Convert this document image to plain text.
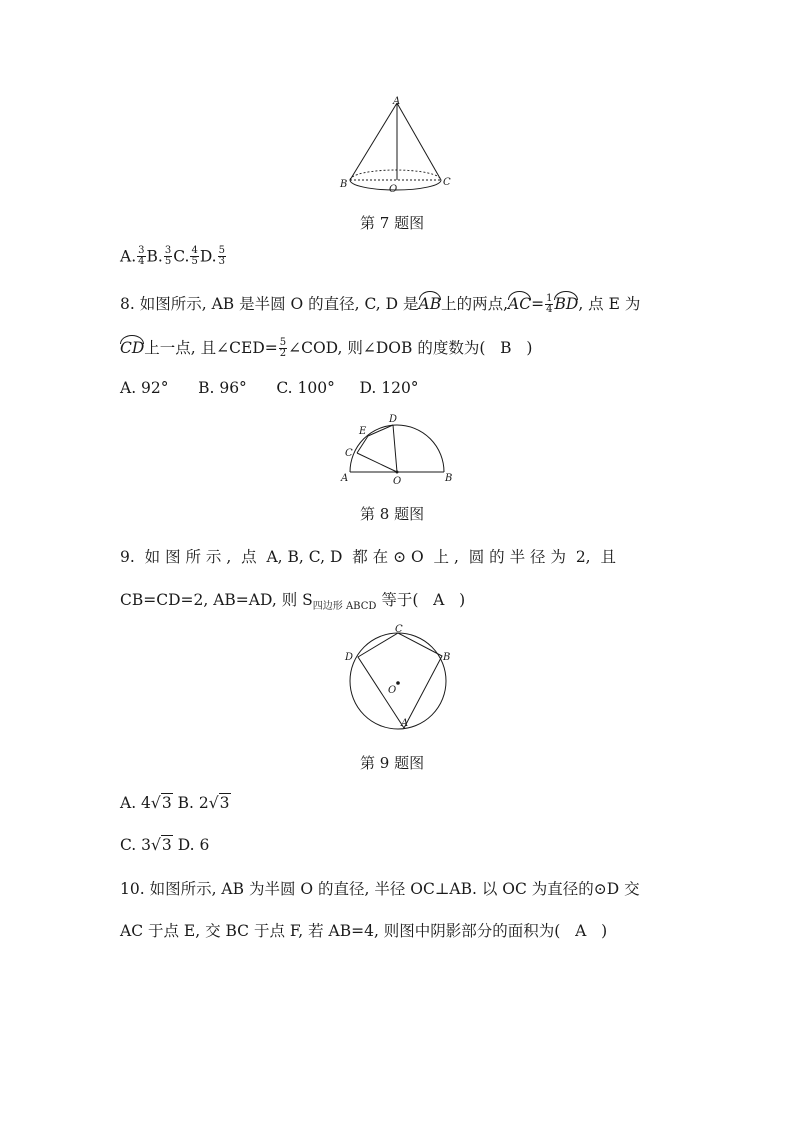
A
B	C
O
第 7 题图
A. $\frac{3}{4} B$. $\frac{3}{5} C$. $\frac{4}{5} D$. $\frac{5}{3}$
8. 如图所示, AB 是半圆 O 的直径, C, D 是AB上的两点$,AC= \frac{1}{4}$ BD, 点 E 为
CD上一点, 且∠CED= $\frac{5}{2}$ ∠COD, 则∠DOB 的度数为( B )
A. 92°      B. 96°      C. 100°     D. 120°
A	B
C
D
E
O
第 8 题图
9.  如 图 所 示 ,  点  A, B, C, D  都 在 ⊙ O  上 ,  圆 的 半 径 为  2,  且
CB=CD=2, AB=AD, 则 $S_{四边形 ABCD}$ 等于( A )
C
D	B
A
O
第 9 题图
A. 4√3 B. 2√3
C. 3√3 D. 6
10. 如图所示, AB 为半圆 O 的直径, 半径 OC⊥AB. 以 OC 为直径的⊙D 交
AC 于点 E, 交 BC 于点 F, 若 AB=4, 则图中阴影部分的面积为( A )
